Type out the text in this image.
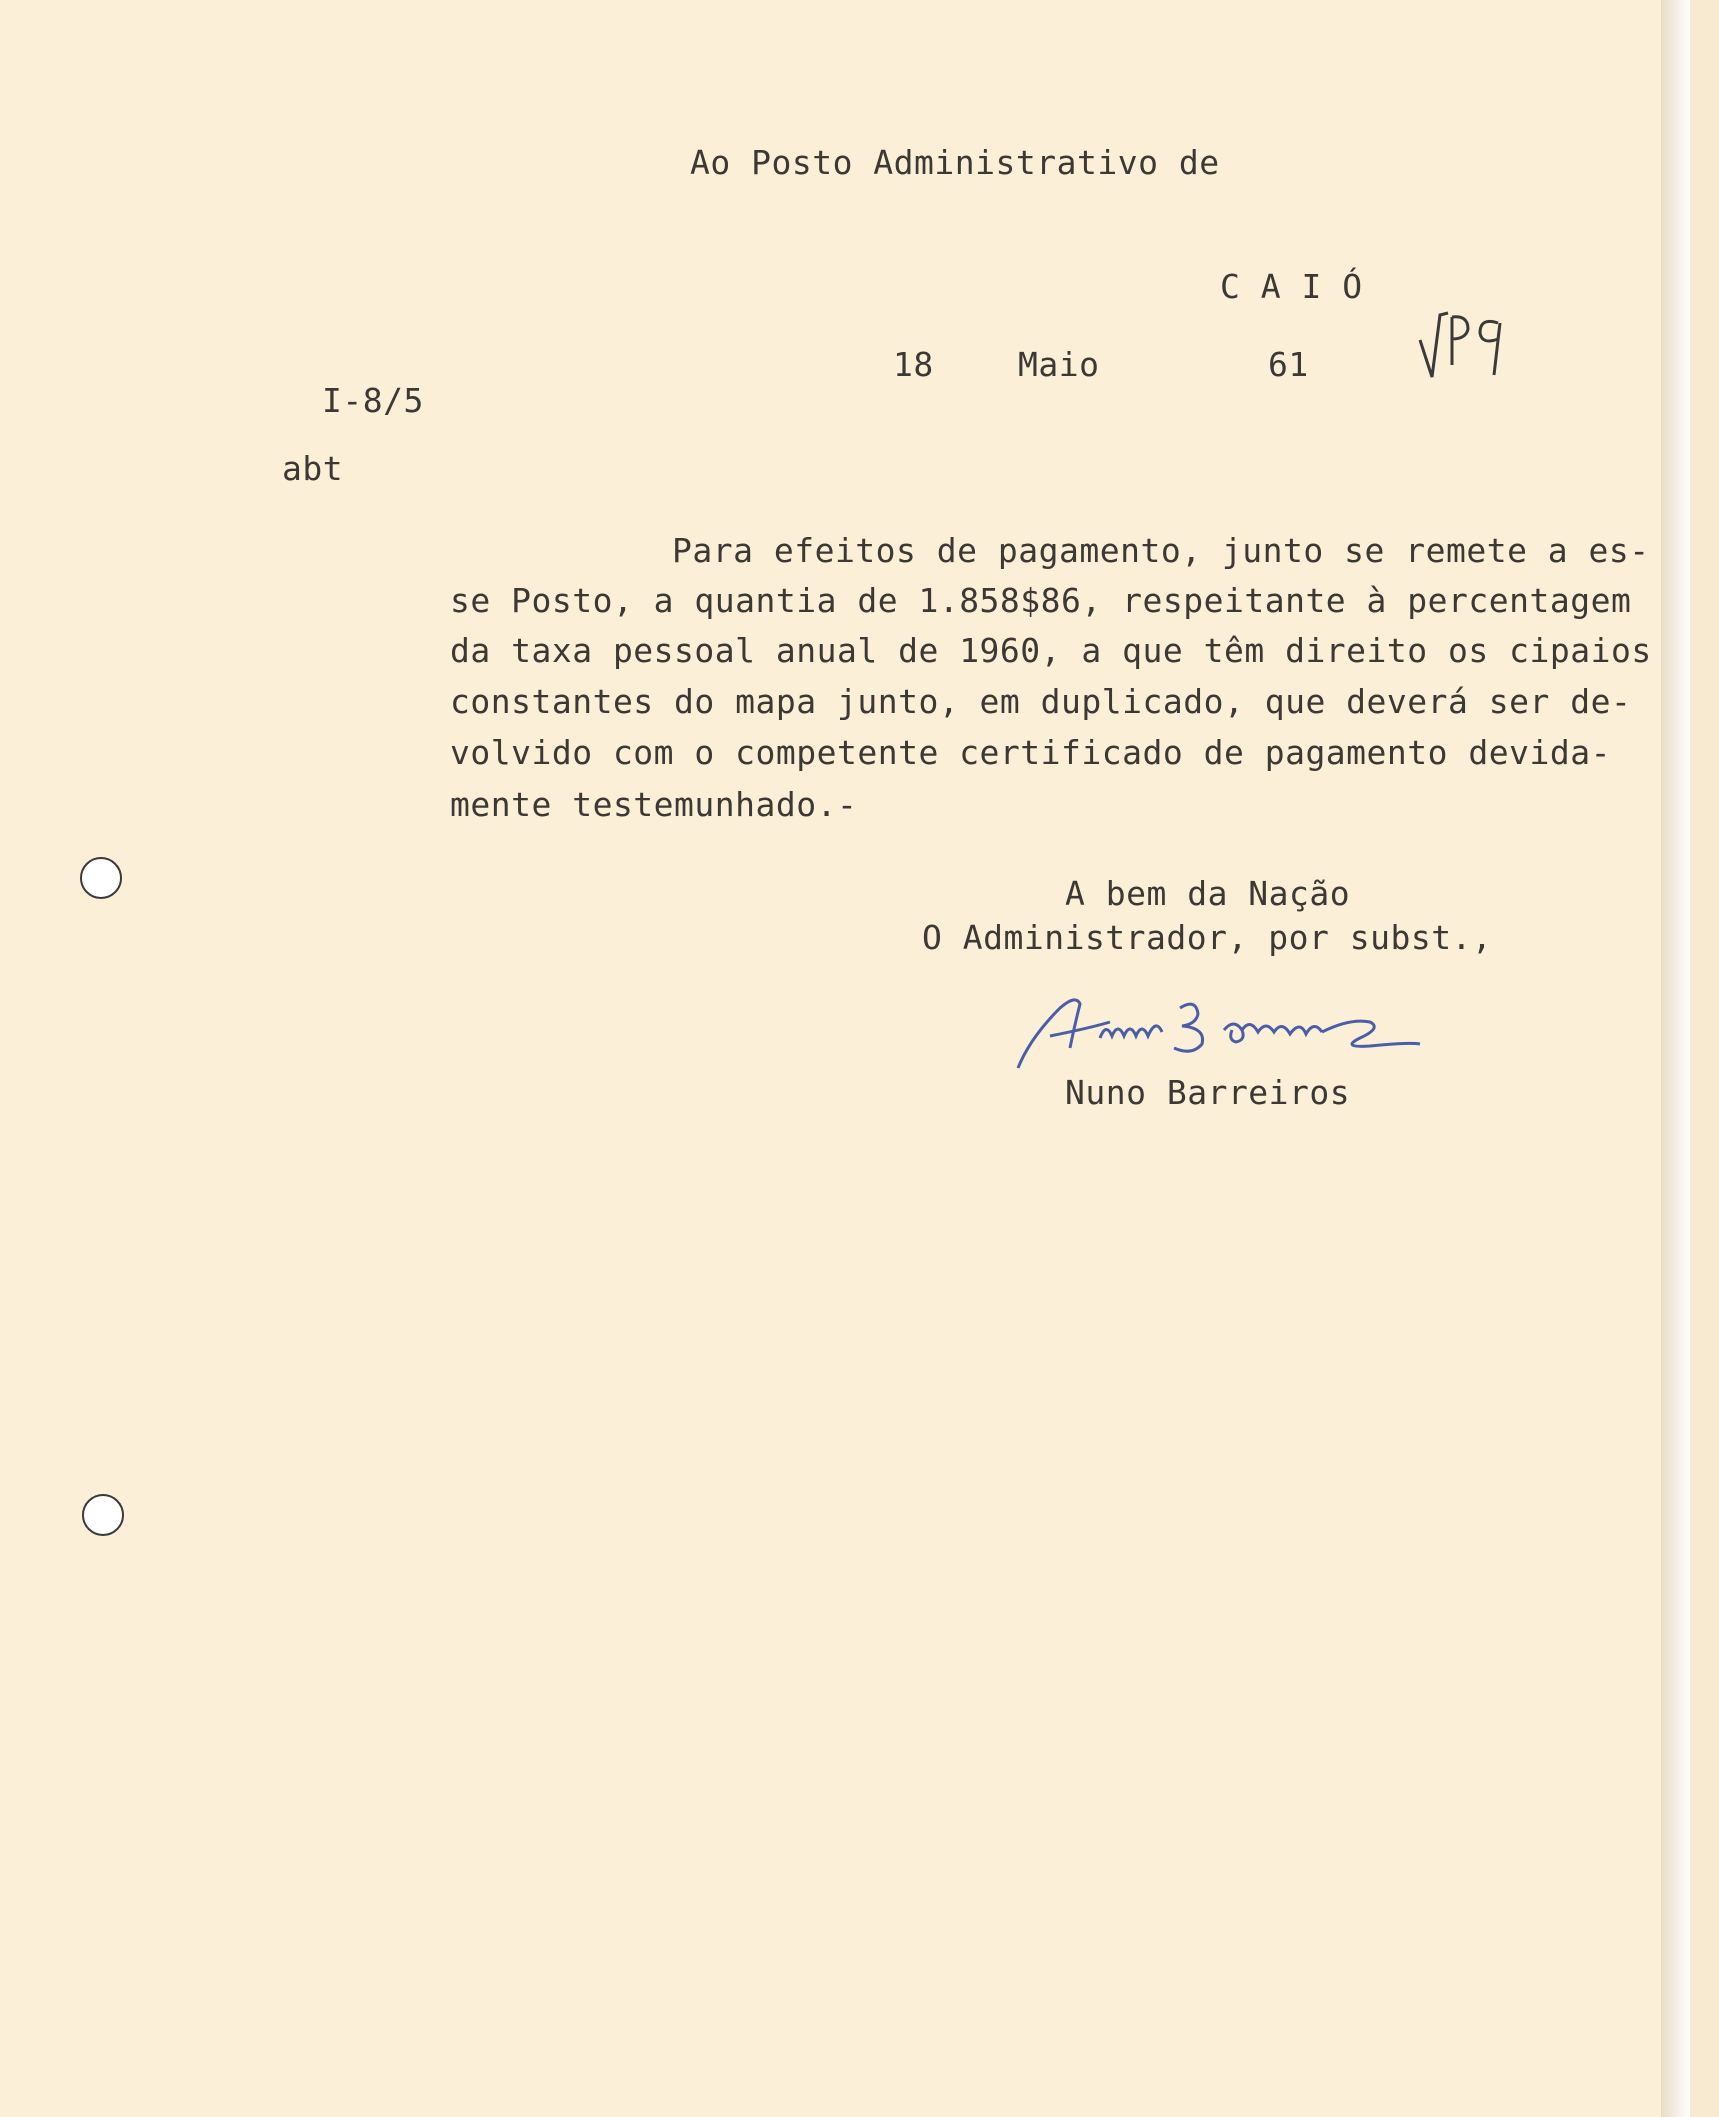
Ao Posto Administrativo de
C A I Ó
18	Maio	61
I-8/5
abt
Para efeitos de pagamento, junto se remete a es-
se Posto, a quantia de 1.858$86, respeitante à percentagem
da taxa pessoal anual de 1960, a que têm direito os cipaios
constantes do mapa junto, em duplicado, que deverá ser de-
volvido com o competente certificado de pagamento devida-
mente testemunhado.-
A bem da Nação
O Administrador, por subst.,
Nuno Barreiros
